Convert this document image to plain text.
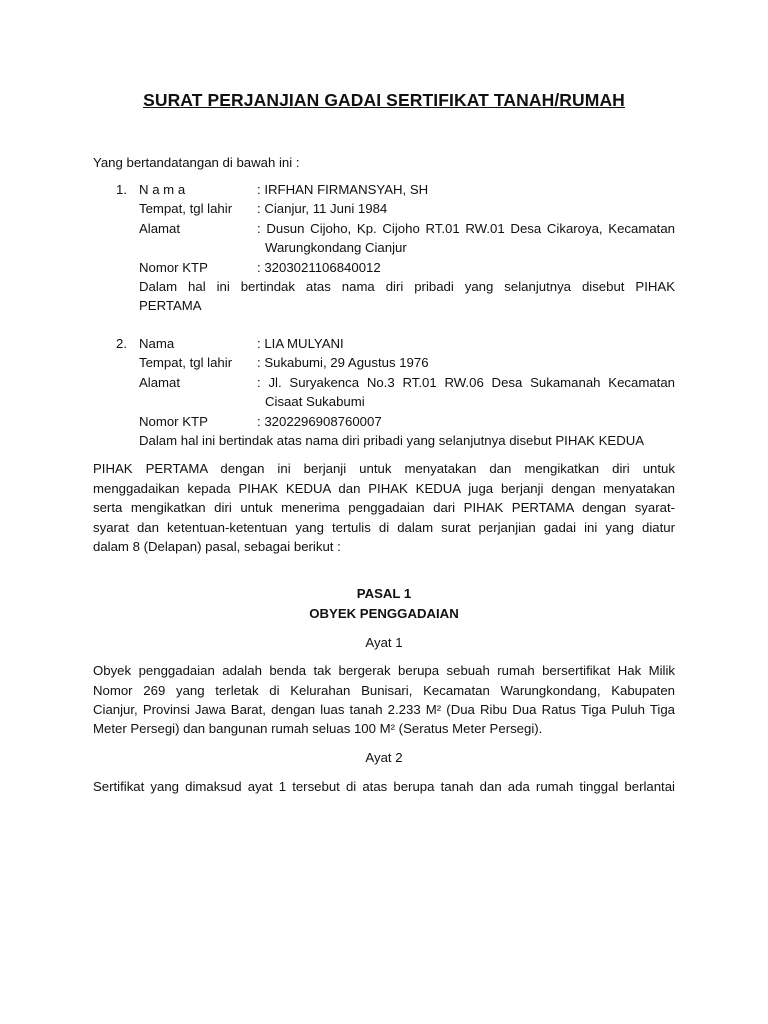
SURAT PERJANJIAN GADAI SERTIFIKAT TANAH/RUMAH
Yang bertandatangan di bawah ini :
1. N a m a	: IRFHAN FIRMANSYAH, SH
Tempat, tgl lahir : Cianjur, 11 Juni 1984
Alamat	: Dusun Cijoho, Kp. Cijoho RT.01 RW.01 Desa Cikaroya, Kecamatan
Warungkondang Cianjur
Nomor KTP	: 3203021106840012
Dalam hal ini bertindak atas nama diri pribadi yang selanjutnya disebut PIHAK
PERTAMA
2. Nama	: LIA MULYANI
Tempat, tgl lahir : Sukabumi, 29 Agustus 1976
Alamat	: Jl. Suryakenca No.3 RT.01 RW.06 Desa Sukamanah Kecamatan
Cisaat Sukabumi
Nomor KTP	: 3202296908760007
Dalam hal ini bertindak atas nama diri pribadi yang selanjutnya disebut PIHAK KEDUA
PIHAK PERTAMA dengan ini berjanji untuk menyatakan dan mengikatkan diri untuk
menggadaikan kepada PIHAK KEDUA dan PIHAK KEDUA juga berjanji dengan menyatakan
serta mengikatkan diri untuk menerima penggadaian dari PIHAK PERTAMA dengan syarat-
syarat dan ketentuan-ketentuan yang tertulis di dalam surat perjanjian gadai ini yang diatur
dalam 8 (Delapan) pasal, sebagai berikut :
PASAL 1
OBYEK PENGGADAIAN
Ayat 1
Obyek penggadaian adalah benda tak bergerak berupa sebuah rumah bersertifikat Hak Milik
Nomor 269 yang terletak di Kelurahan Bunisari, Kecamatan Warungkondang, Kabupaten
Cianjur, Provinsi Jawa Barat, dengan luas tanah 2.233 M² (Dua Ribu Dua Ratus Tiga Puluh Tiga
Meter Persegi) dan bangunan rumah seluas 100 M² (Seratus Meter Persegi).
Ayat 2
Sertifikat yang dimaksud ayat 1 tersebut di atas berupa tanah dan ada rumah tinggal berlantai
